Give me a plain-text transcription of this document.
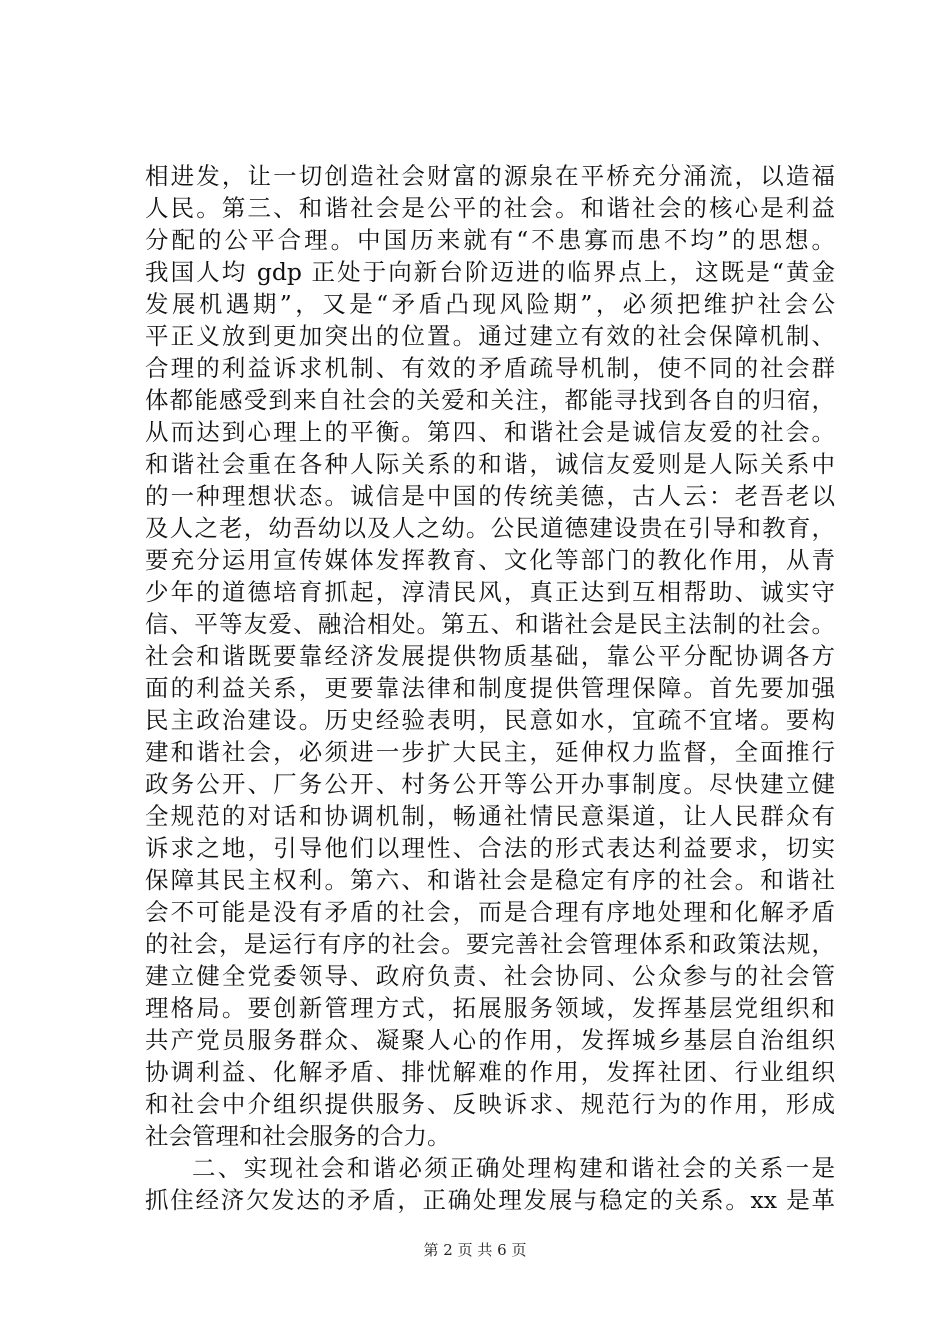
相进发，让一切创造社会财富的源泉在平桥充分涌流，以造福
人民。第三、和谐社会是公平的社会。和谐社会的核心是利益
分配的公平合理。中国历来就有“不患寡而患不均”的思想。
我国人均 gdp 正处于向新台阶迈进的临界点上，这既是“黄金
发展机遇期”，又是“矛盾凸现风险期”，必须把维护社会公
平正义放到更加突出的位置。通过建立有效的社会保障机制、
合理的利益诉求机制、有效的矛盾疏导机制，使不同的社会群
体都能感受到来自社会的关爱和关注，都能寻找到各自的归宿，
从而达到心理上的平衡。第四、和谐社会是诚信友爱的社会。
和谐社会重在各种人际关系的和谐，诚信友爱则是人际关系中
的一种理想状态。诚信是中国的传统美德，古人云：老吾老以
及人之老，幼吾幼以及人之幼。公民道德建设贵在引导和教育，
要充分运用宣传媒体发挥教育、文化等部门的教化作用，从青
少年的道德培育抓起，淳清民风，真正达到互相帮助、诚实守
信、平等友爱、融洽相处。第五、和谐社会是民主法制的社会。
社会和谐既要靠经济发展提供物质基础，靠公平分配协调各方
面的利益关系，更要靠法律和制度提供管理保障。首先要加强
民主政治建设。历史经验表明，民意如水，宜疏不宜堵。要构
建和谐社会，必须进一步扩大民主，延伸权力监督，全面推行
政务公开、厂务公开、村务公开等公开办事制度。尽快建立健
全规范的对话和协调机制，畅通社情民意渠道，让人民群众有
诉求之地，引导他们以理性、合法的形式表达利益要求，切实
保障其民主权利。第六、和谐社会是稳定有序的社会。和谐社
会不可能是没有矛盾的社会，而是合理有序地处理和化解矛盾
的社会，是运行有序的社会。要完善社会管理体系和政策法规，
建立健全党委领导、政府负责、社会协同、公众参与的社会管
理格局。要创新管理方式，拓展服务领域，发挥基层党组织和
共产党员服务群众、凝聚人心的作用，发挥城乡基层自治组织
协调利益、化解矛盾、排忧解难的作用，发挥社团、行业组织
和社会中介组织提供服务、反映诉求、规范行为的作用，形成
社会管理和社会服务的合力。
二、实现社会和谐必须正确处理构建和谐社会的关系一是
抓住经济欠发达的矛盾，正确处理发展与稳定的关系。xx 是革
第 2 页 共 6 页
